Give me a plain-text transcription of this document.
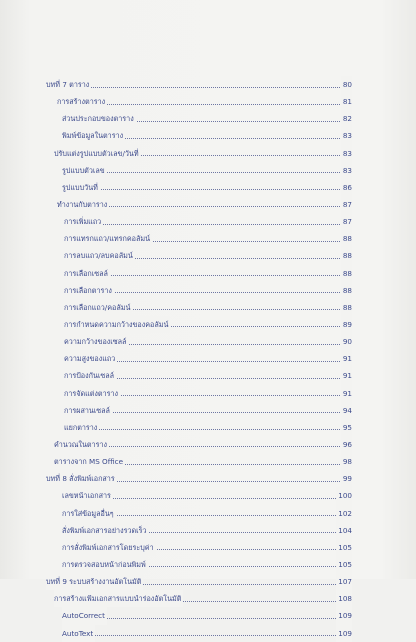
บทที่ 7 ตาราง	80
การสร้างตาราง	81
ส่วนประกอบของตาราง	82
พิมพ์ข้อมูลในตาราง	83
ปรับแต่งรูปแบบตัวเลข/วันที่	83
รูปแบบตัวเลข	83
รูปแบบวันที่	86
ทำงานกับตาราง	87
การเพิ่มแถว	87
การแทรกแถว/แทรกคอลัมน์	88
การลบแถว/ลบคอลัมน์	88
การเลือกเซลล์	88
การเลือกตาราง	88
การเลือกแถว/คอลัมน์	88
การกำหนดความกว้างของคอลัมน์	89
ความกว้างของเซลล์	90
ความสูงของแถว	91
การป้องกันเซลล์	91
การจัดแต่งตาราง	91
การผสานเซลล์	94
แยกตาราง	95
คำนวณในตาราง	96
ตารางจาก MS Office	98
บทที่ 8 สั่งพิมพ์เอกสาร	99
เลขหน้าเอกสาร	100
การใส่ข้อมูลอื่นๆ	102
สั่งพิมพ์เอกสารอย่างรวดเร็ว	104
การสั่งพิมพ์เอกสารโดยระบุค่า	105
การตรวจสอบหน้าก่อนพิมพ์	105
บทที่ 9 ระบบสร้างงานอัตโนมัติ	107
การสร้างแฟ้มเอกสารแบบนำร่องอัตโนมัติ	108
AutoCorrect	109
AutoText	109
